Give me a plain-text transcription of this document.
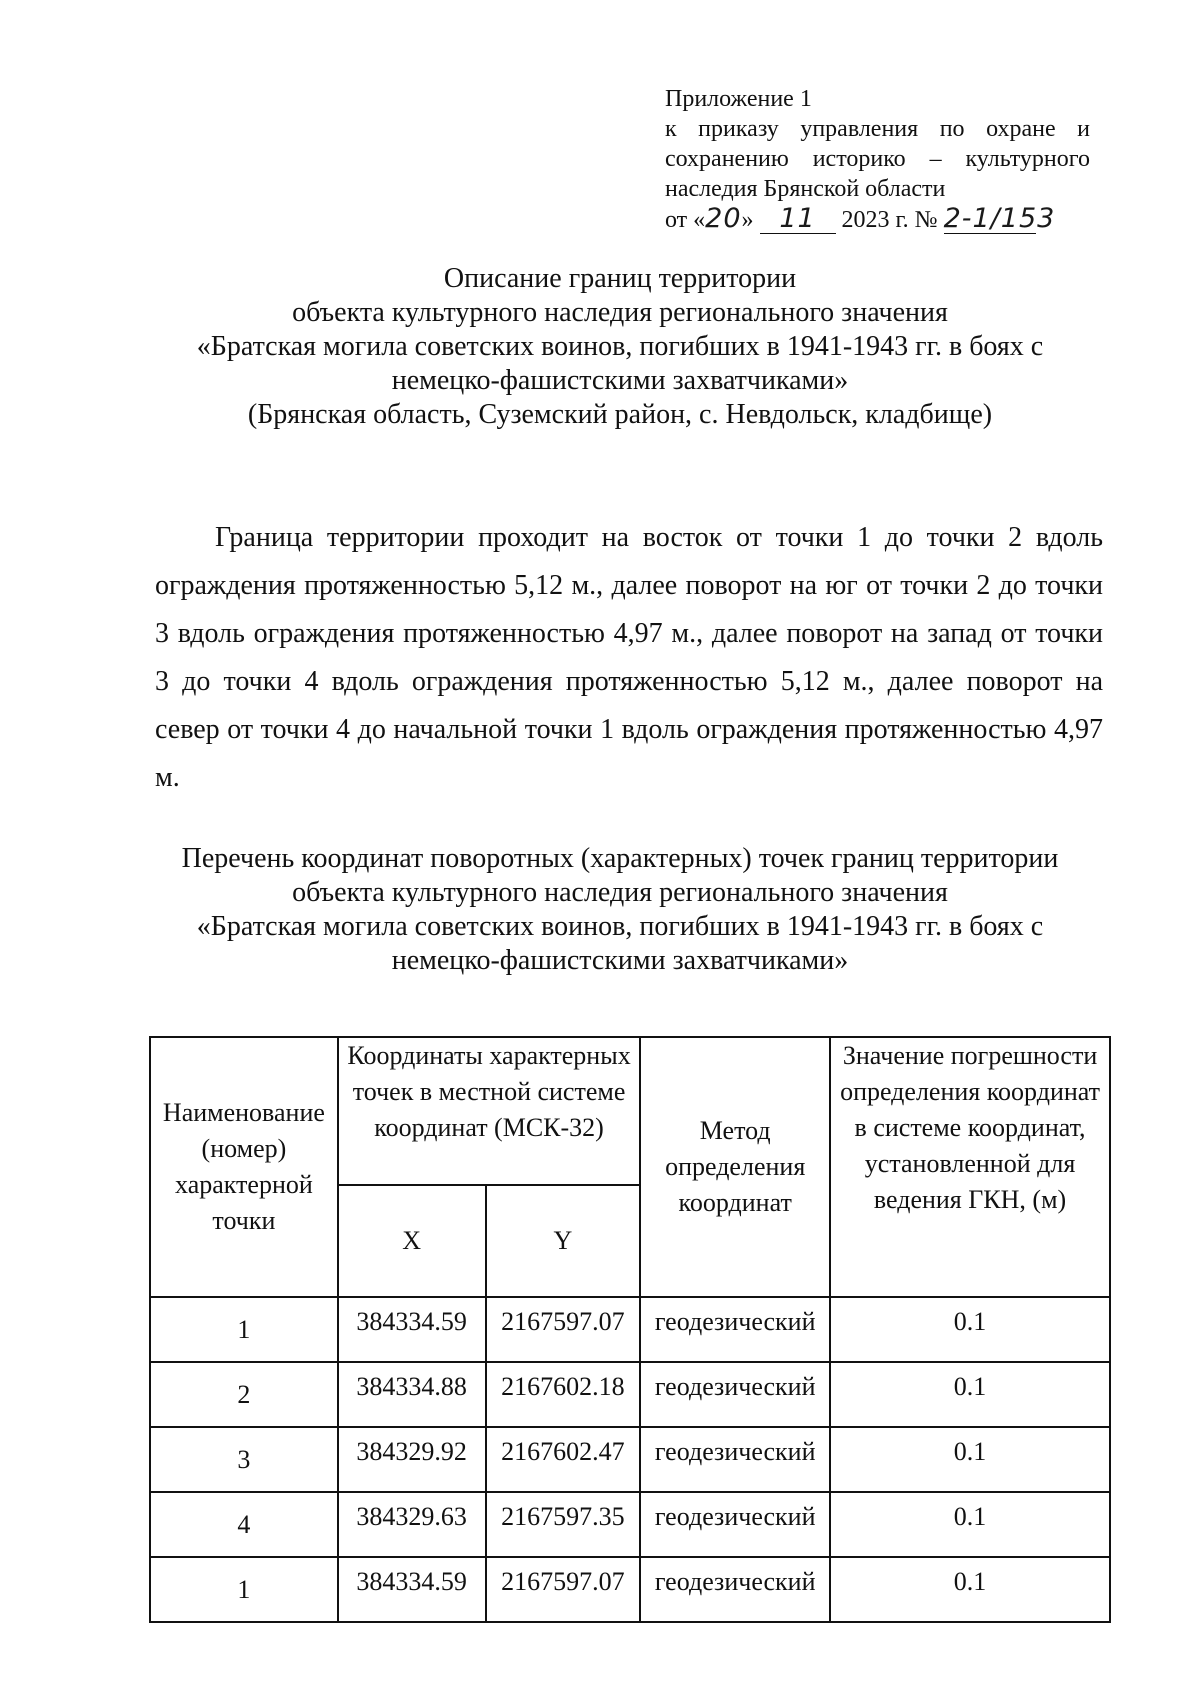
Приложение 1
к приказу управления по охране и
сохранению историко – культурного
наследия Брянской области
от «20» 11 2023 г. № 2-1/153
Описание границ территории
объекта культурного наследия регионального значения
«Братская могила советских воинов, погибших в 1941-1943 гг. в боях с
немецко-фашистскими захватчиками»
(Брянская область, Суземский район, с. Невдольск, кладбище)

Граница территории проходит на восток от точки 1 до точки 2 вдоль ограждения протяженностью 5,12 м., далее поворот на юг от точки 2 до точки 3 вдоль ограждения протяженностью 4,97 м., далее поворот на запад от точки 3 до точки 4 вдоль ограждения протяженностью 5,12 м., далее поворот на север от точки 4 до начальной точки 1 вдоль ограждения протяженностью 4,97 м.

Перечень координат поворотных (характерных) точек границ территории
объекта культурного наследия регионального значения
«Братская могила советских воинов, погибших в 1941-1943 гг. в боях с
немецко-фашистскими захватчиками»
Наименование (номер) характерной точки	Координаты характерных точек в местной системе координат (МСК-32)		Метод определения координат	Значение погрешности определения координат в системе координат, установленной для ведения ГКН, (м)
	X	Y		
1	384334.59	2167597.07	геодезический	0.1
2	384334.88	2167602.18	геодезический	0.1
3	384329.92	2167602.47	геодезический	0.1
4	384329.63	2167597.35	геодезический	0.1
1	384334.59	2167597.07	геодезический	0.1
